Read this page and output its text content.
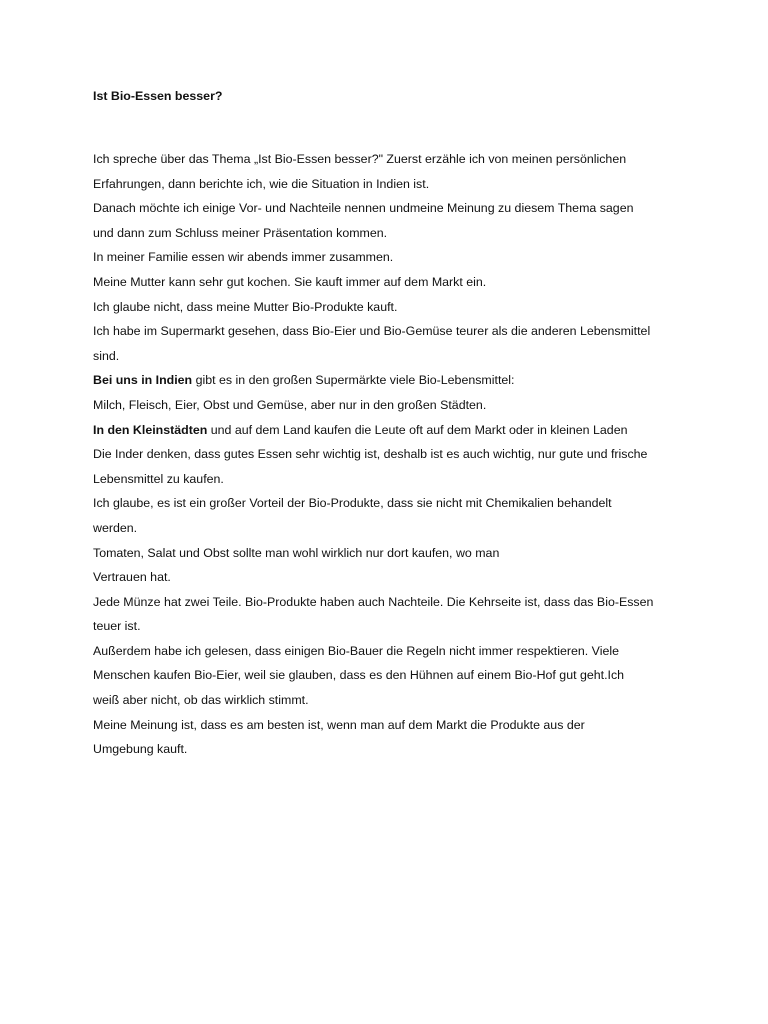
Ist Bio-Essen besser?

Ich spreche über das Thema „Ist Bio-Essen besser?" Zuerst erzähle ich von meinen persönlichen
Erfahrungen, dann berichte ich, wie die Situation in Indien ist.
Danach möchte ich einige Vor- und Nachteile nennen undmeine Meinung zu diesem Thema sagen
und dann zum Schluss meiner Präsentation kommen.
In meiner Familie essen wir abends immer zusammen.
Meine Mutter kann sehr gut kochen. Sie kauft immer auf dem Markt ein.
Ich glaube nicht, dass meine Mutter Bio-Produkte kauft.
Ich habe im Supermarkt gesehen, dass Bio-Eier und Bio-Gemüse teurer als die anderen Lebensmittel
sind.
Bei uns in Indien gibt es in den großen Supermärkte viele Bio-Lebensmittel:
Milch, Fleisch, Eier, Obst und Gemüse, aber nur in den großen Städten.
In den Kleinstädten und auf dem Land kaufen die Leute oft auf dem Markt oder in kleinen Laden
Die Inder denken, dass gutes Essen sehr wichtig ist, deshalb ist es auch wichtig, nur gute und frische
Lebensmittel zu kaufen.
Ich glaube, es ist ein großer Vorteil der Bio-Produkte, dass sie nicht mit Chemikalien behandelt
werden.
Tomaten, Salat und Obst sollte man wohl wirklich nur dort kaufen, wo man
Vertrauen hat.
Jede Münze hat zwei Teile. Bio-Produkte haben auch Nachteile. Die Kehrseite ist, dass das Bio-Essen
teuer ist.
Außerdem habe ich gelesen, dass einigen Bio-Bauer die Regeln nicht immer respektieren. Viele
Menschen kaufen Bio-Eier, weil sie glauben, dass es den Hühnen auf einem Bio-Hof gut geht.Ich
weiß aber nicht, ob das wirklich stimmt.
Meine Meinung ist, dass es am besten ist, wenn man auf dem Markt die Produkte aus der
Umgebung kauft.
